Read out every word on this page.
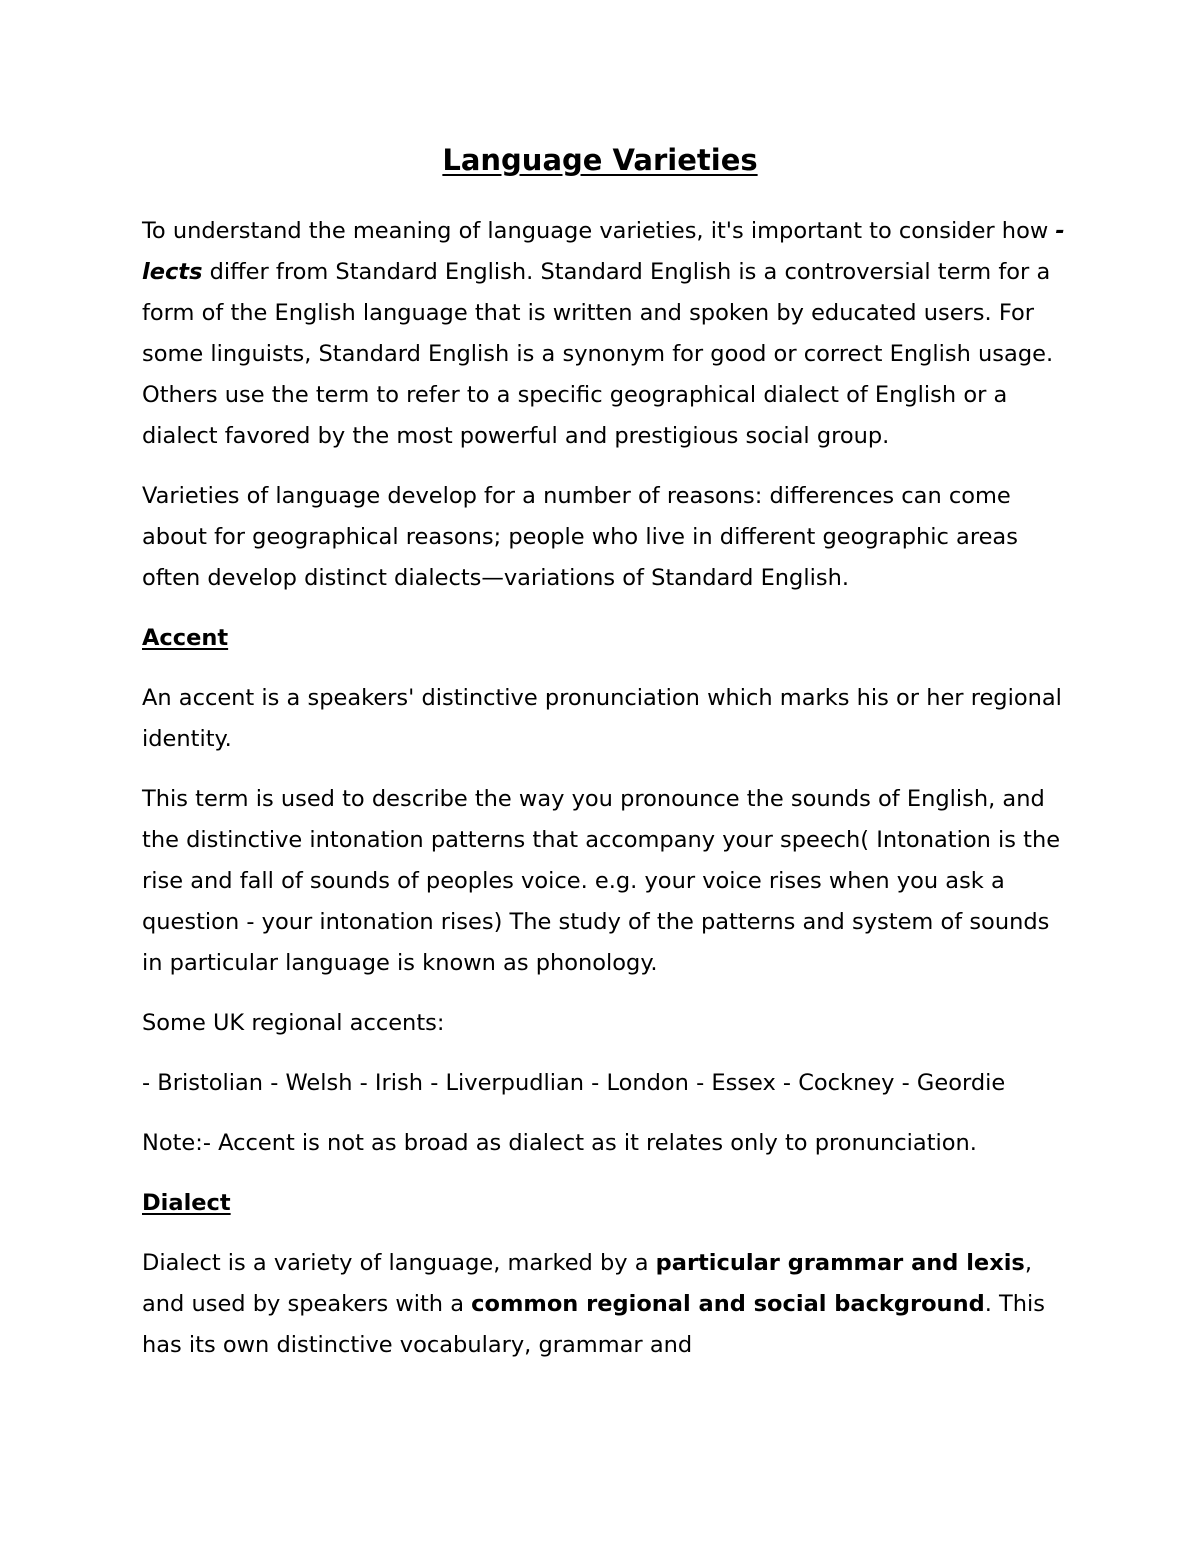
Language Varieties

To understand the meaning of language varieties, it's important to consider how -lects differ from Standard English. Standard English is a controversial term for a form of the English language that is written and spoken by educated users. For some linguists, Standard English is a synonym for good or correct English usage. Others use the term to refer to a specific geographical dialect of English or a dialect favored by the most powerful and prestigious social group.

Varieties of language develop for a number of reasons: differences can come about for geographical reasons; people who live in different geographic areas often develop distinct dialects—variations of Standard English.

Accent

An accent is a speakers' distinctive pronunciation which marks his or her regional identity.

This term is used to describe the way you pronounce the sounds of English, and the distinctive intonation patterns that accompany your speech( Intonation is the rise and fall of sounds of peoples voice. e.g. your voice rises when you ask a question - your intonation rises) The study of the patterns and system of sounds in particular language is known as phonology.

Some UK regional accents:

- Bristolian - Welsh - Irish - Liverpudlian - London - Essex - Cockney - Geordie

Note:- Accent is not as broad as dialect as it relates only to pronunciation.

Dialect

Dialect is a variety of language, marked by a particular grammar and lexis, and used by speakers with a common regional and social background. This has its own distinctive vocabulary, grammar and
